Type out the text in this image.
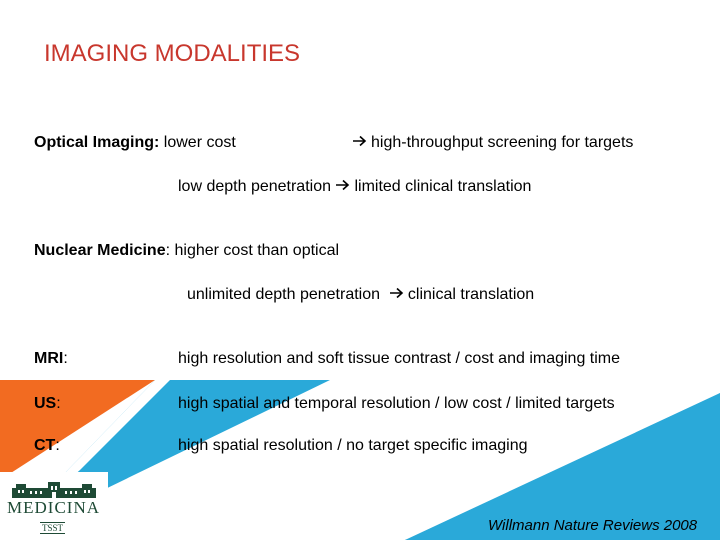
IMAGING MODALITIES
Optical Imaging: lower cost	high-throughput screening for targets
low depth penetration limited clinical translation
Nuclear Medicine: higher cost than optical
unlimited depth penetration  clinical translation
MRI:	high resolution and soft tissue contrast / cost and imaging time
US:	high spatial and temporal resolution / low cost / limited targets
CT:	high spatial resolution / no target specific imaging
MEDICINA
TSST	Willmann Nature Reviews 2008
